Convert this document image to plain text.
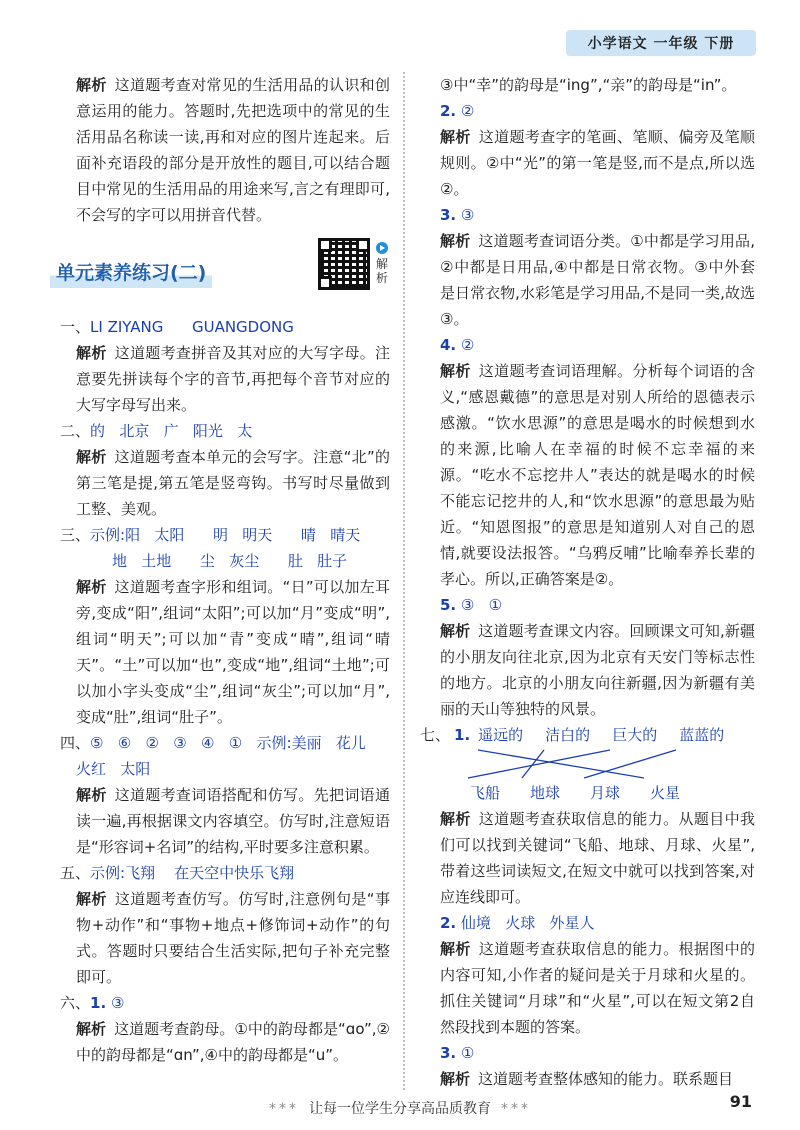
小学语文 一年级 下册

解析 这道题考查对常见的生活用品的认识和创意运用的能力。答题时,先把选项中的常见的生活用品名称读一读,再和对应的图片连起来。后面补充语段的部分是开放性的题目,可以结合题目中常见的生活用品的用途来写,言之有理即可,不会写的字可以用拼音代替。

单元素养练习(二)	解析

一、LI ZIYANG      GUANGDONG

解析 这道题考查拼音及其对应的大写字母。注意要先拼读每个字的音节,再把每个音节对应的大写字母写出来。

二、的   北京   广   阳光   太

解析 这道题考查本单元的会写字。注意“北”的第三笔是提,第五笔是竖弯钩。书写时尽量做到工整、美观。

三、示例:阳   太阳      明   明天      晴   晴天

地   土地      尘   灰尘      肚   肚子

解析 这道题考查字形和组词。“日”可以加左耳旁,变成“阳”,组词“太阳”;可以加“月”变成“明”,组词“明天”;可以加“青”变成“晴”,组词“晴天”。“土”可以加“也”,变成“地”,组词“土地”;可以加小字头变成“尘”,组词“灰尘”;可以加“月”,变成“肚”,组词“肚子”。

四、⑤   ⑥   ②   ③   ④   ①   示例:美丽   花儿

火红   太阳

解析 这道题考查词语搭配和仿写。先把词语通读一遍,再根据课文内容填空。仿写时,注意短语是“形容词+名词”的结构,平时要多注意积累。

五、示例:飞翔    在天空中快乐飞翔

解析 这道题考查仿写。仿写时,注意例句是“事物+动作”和“事物+地点+修饰词+动作”的句式。答题时只要结合生活实际,把句子补充完整即可。

六、1. ③

解析 这道题考查韵母。①中的韵母都是“ɑo”,②中的韵母都是“ɑn”,④中的韵母都是“u”。

③中“幸”的韵母是“ing”,“亲”的韵母是“in”。

2. ②

解析 这道题考查字的笔画、笔顺、偏旁及笔顺规则。②中“光”的第一笔是竖,而不是点,所以选②。

3. ③

解析 这道题考查词语分类。①中都是学习用品,②中都是日用品,④中都是日常衣物。③中外套是日常衣物,水彩笔是学习用品,不是同一类,故选③。

4. ②

解析 这道题考查词语理解。分析每个词语的含义,“感恩戴德”的意思是对别人所给的恩德表示感激。“饮水思源”的意思是喝水的时候想到水的来源,比喻人在幸福的时候不忘幸福的来源。“吃水不忘挖井人”表达的就是喝水的时候不能忘记挖井的人,和“饮水思源”的意思最为贴近。“知恩图报”的意思是知道别人对自己的恩情,就要设法报答。“乌鸦反哺”比喻奉养长辈的孝心。所以,正确答案是②。

5. ③   ①

解析 这道题考查课文内容。回顾课文可知,新疆的小朋友向往北京,因为北京有天安门等标志性的地方。北京的小朋友向往新疆,因为新疆有美丽的天山等独特的风景。

七、 1. 遥远的 洁白的 巨大的 蓝蓝的
飞船 地球 月球 火星

解析 这道题考查获取信息的能力。从题目中我们可以找到关键词“飞船、地球、月球、火星”,带着这些词读短文,在短文中就可以找到答案,对应连线即可。

2. 仙境   火球   外星人

解析 这道题考查获取信息的能力。根据图中的内容可知,小作者的疑问是关于月球和火星的。抓住关键词“月球”和“火星”,可以在短文第2自然段找到本题的答案。

3. ①

解析 这道题考查整体感知的能力。联系题目

*** 让每一位学生分享高品质教育 ***	91
